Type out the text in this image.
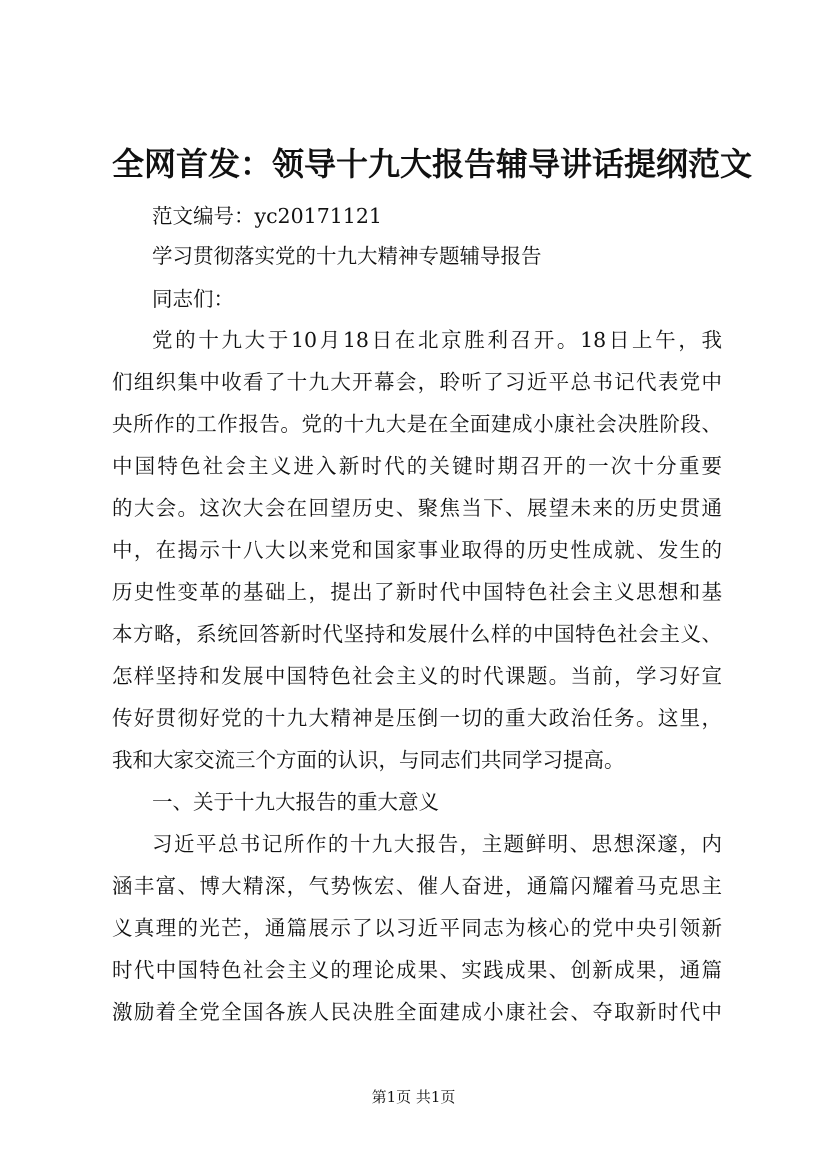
全网首发：领导十九大报告辅导讲话提纲范文
范文编号：yc20171121
学习贯彻落实党的十九大精神专题辅导报告
同志们：
党的十九大于10月18日在北京胜利召开。18日上午，我
们组织集中收看了十九大开幕会，聆听了习近平总书记代表党中
央所作的工作报告。党的十九大是在全面建成小康社会决胜阶段、
中国特色社会主义进入新时代的关键时期召开的一次十分重要
的大会。这次大会在回望历史、聚焦当下、展望未来的历史贯通
中，在揭示十八大以来党和国家事业取得的历史性成就、发生的
历史性变革的基础上，提出了新时代中国特色社会主义思想和基
本方略，系统回答新时代坚持和发展什么样的中国特色社会主义、
怎样坚持和发展中国特色社会主义的时代课题。当前，学习好宣
传好贯彻好党的十九大精神是压倒一切的重大政治任务。这里，
我和大家交流三个方面的认识，与同志们共同学习提高。
一、关于十九大报告的重大意义
习近平总书记所作的十九大报告，主题鲜明、思想深邃，内
涵丰富、博大精深，气势恢宏、催人奋进，通篇闪耀着马克思主
义真理的光芒，通篇展示了以习近平同志为核心的党中央引领新
时代中国特色社会主义的理论成果、实践成果、创新成果，通篇
激励着全党全国各族人民决胜全面建成小康社会、夺取新时代中
第1页 共1页
